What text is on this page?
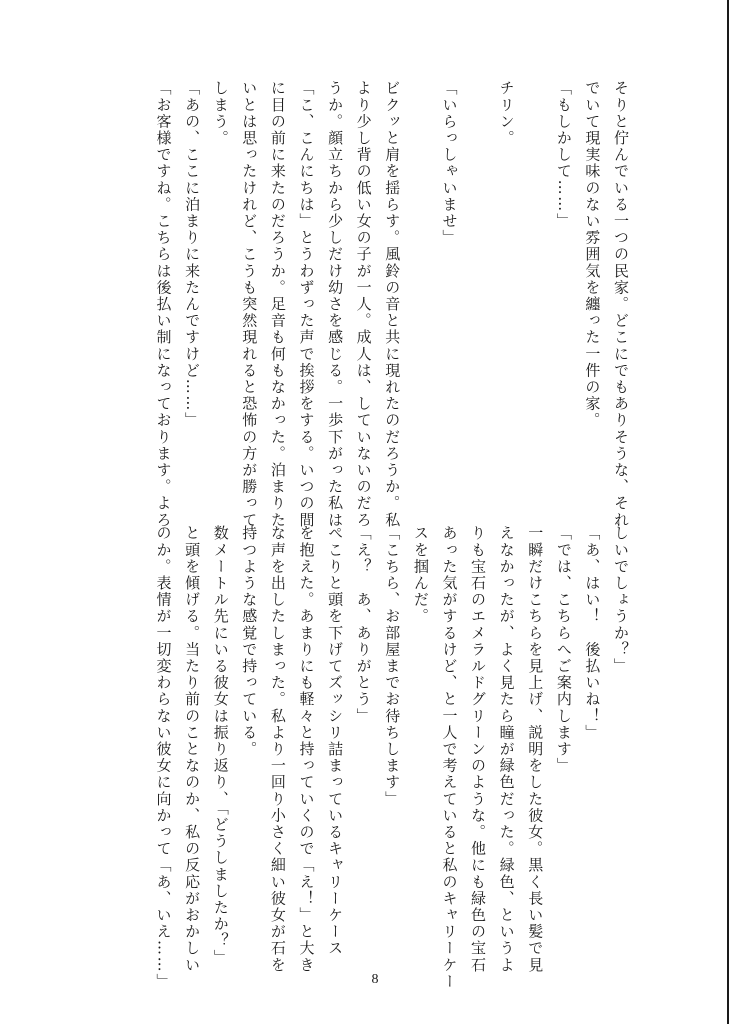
そりと佇んでいる一つの民家。どこにでもありそうな、それ
でいて現実味のない雰囲気を纏った一件の家。
「もしかして……」

チリン。

「いらっしゃいませ」

ビクッと肩を揺らす。風鈴の音と共に現れたのだろうか。私
より少し背の低い女の子が一人。成人は、していないのだろ
うか。顔立ちから少しだけ幼さを感じる。一歩下がった私は
「こ、こんにちは」とうわずった声で挨拶をする。いつの間
に目の前に来たのだろうか。足音も何もなかった。泊まりた
いとは思ったけれど、こうも突然現れると恐怖の方が勝って
しまう。
「あの、ここに泊まりに来たんですけど……」
「お客様ですね。こちらは後払い制になっております。よろ
しいでしょうか？」
「あ、はい！　後払いね！」
「では、こちらへご案内します」
一瞬だけこちらを見上げ、説明をした彼女。黒く長い髪で見
えなかったが、よく見たら瞳が緑色だった。緑色、というよ
りも宝石のエメラルドグリーンのような。他にも緑色の宝石
あった気がするけど、と一人で考えていると私のキャリーケー
スを掴んだ。
「こちら、お部屋までお待ちします」
「え？　あ、ありがとう」
ぺこりと頭を下げてズッシリ詰まっているキャリーケース
を抱えた。あまりにも軽々と持っていくので「え！」と大き
な声を出したしまった。私より一回り小さく細い彼女が石を
持つような感覚で持っている。
数メートル先にいる彼女は振り返り、「どうしましたか？」
と頭を傾げる。当たり前のことなのか、私の反応がおかしい
のか。表情が一切変わらない彼女に向かって「あ、いえ……」	8
